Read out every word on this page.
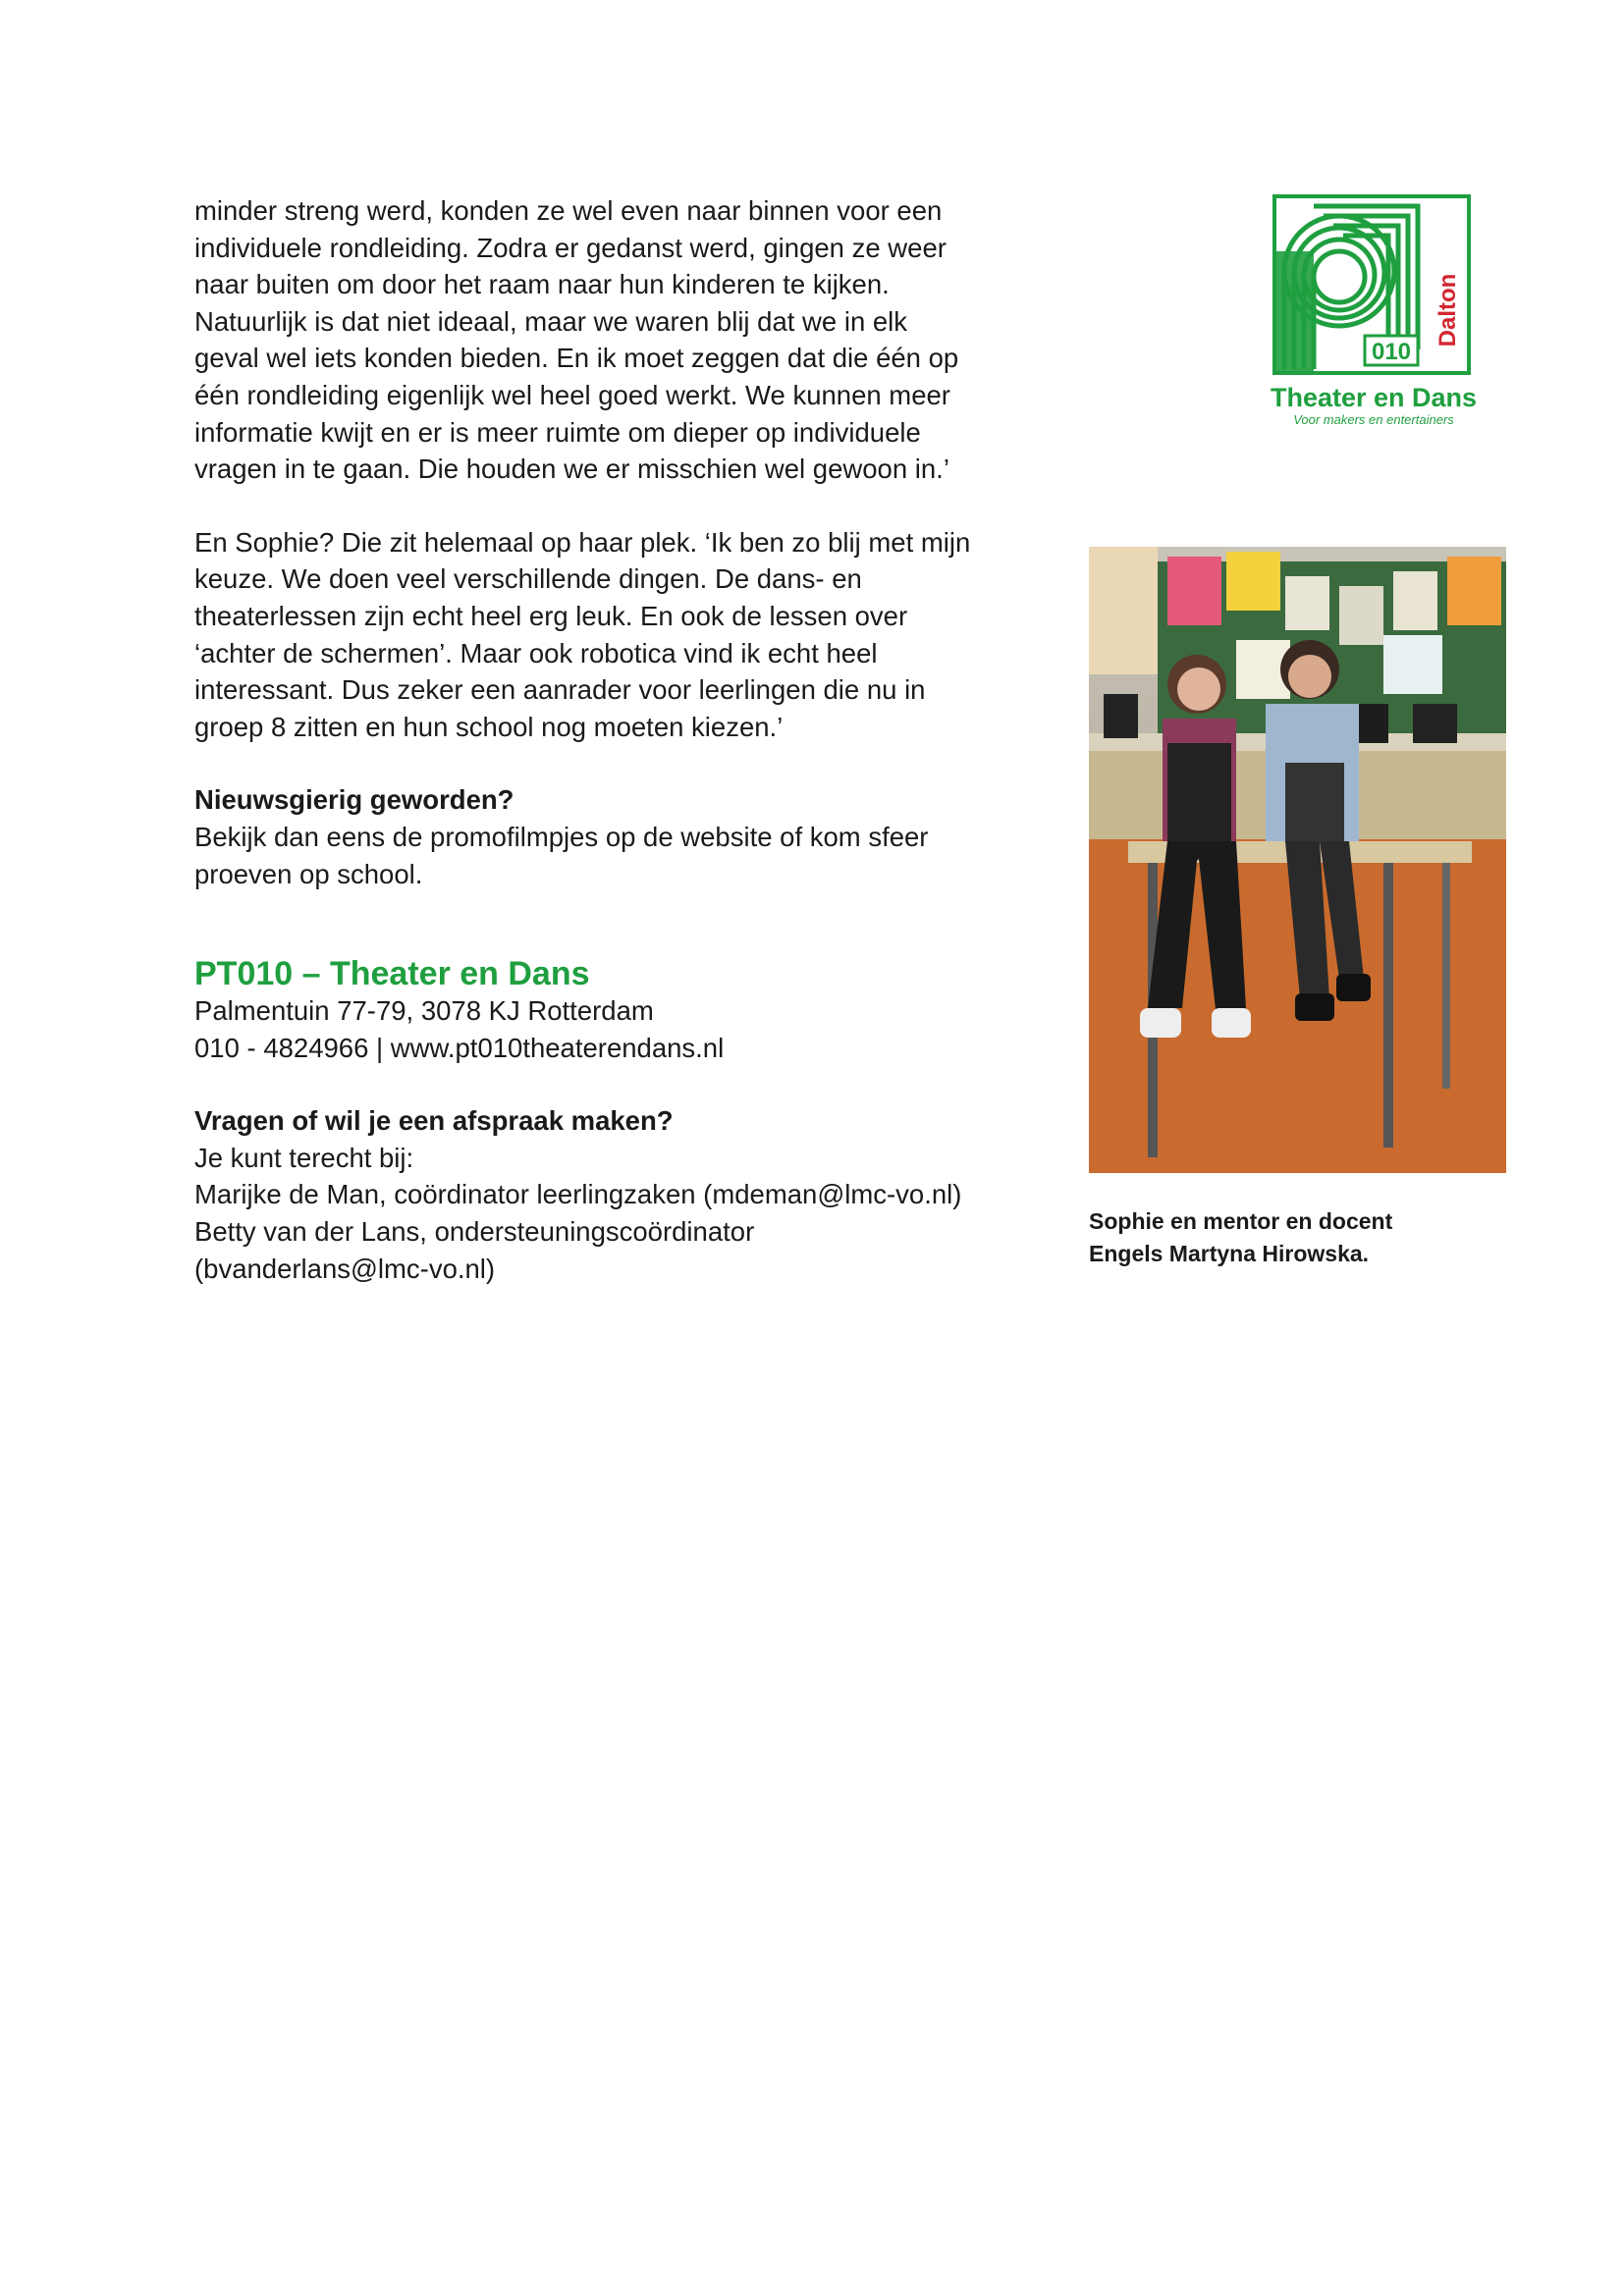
minder streng werd, konden ze wel even naar binnen voor een
individuele rondleiding. Zodra er gedanst werd, gingen ze weer
naar buiten om door het raam naar hun kinderen te kijken.
Natuurlijk is dat niet ideaal, maar we waren blij dat we in elk
geval wel iets konden bieden. En ik moet zeggen dat die één op
één rondleiding eigenlijk wel heel goed werkt. We kunnen meer
informatie kwijt en er is meer ruimte om dieper op individuele
vragen in te gaan. Die houden we er misschien wel gewoon in.’

En Sophie? Die zit helemaal op haar plek. ‘Ik ben zo blij met mijn
keuze. We doen veel verschillende dingen. De dans- en
theaterlessen zijn echt heel erg leuk. En ook de lessen over
‘achter de schermen’. Maar ook robotica vind ik echt heel
interessant. Dus zeker een aanrader voor leerlingen die nu in
groep 8 zitten en hun school nog moeten kiezen.’

Nieuwsgierig geworden?

Bekijk dan eens de promofilmpjes op de website of kom sfeer
proeven op school.

PT010 – Theater en Dans

Palmentuin 77-79, 3078 KJ Rotterdam

010 - 4824966 | www.pt010theaterendans.nl

Vragen of wil je een afspraak maken?

Je kunt terecht bij:

Marijke de Man, coördinator leerlingzaken (mdeman@lmc-vo.nl)

Betty van der Lans, ondersteuningscoördinator

(bvanderlans@lmc-vo.nl)

010
Dalton
Theater en Dans
Voor makers en entertainers

Sophie en mentor en docent
Engels Martyna Hirowska.
